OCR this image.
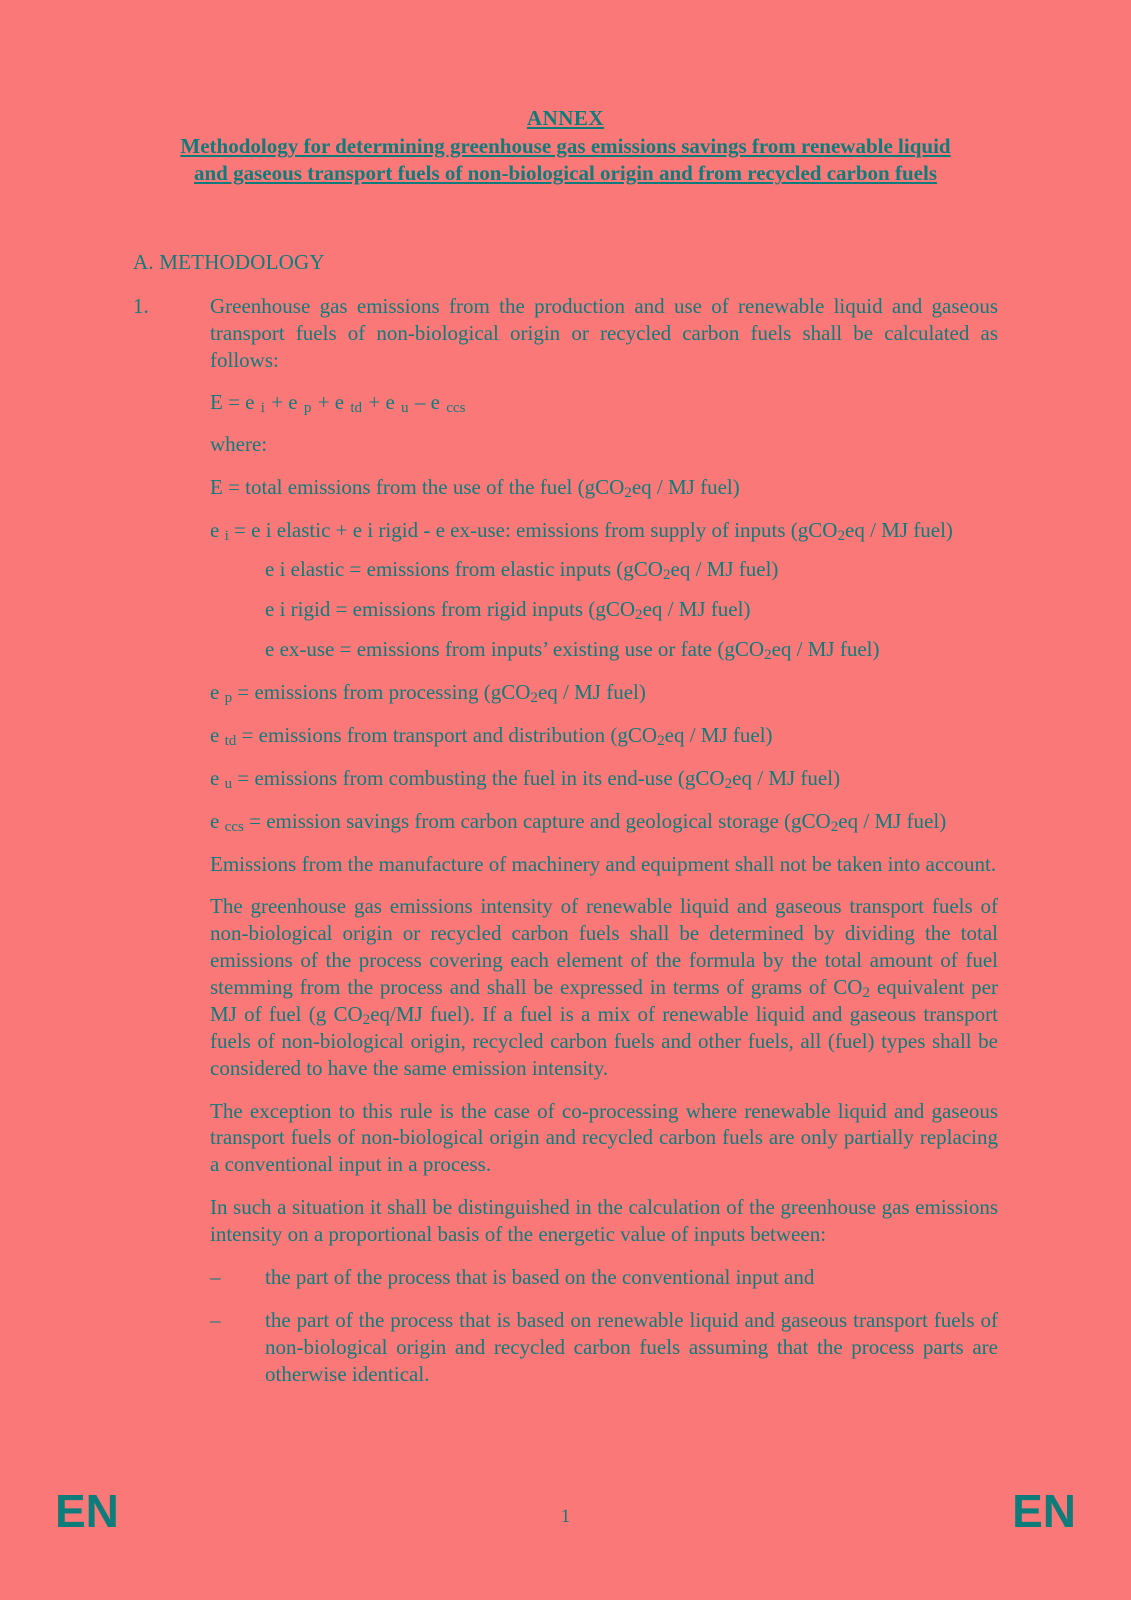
ANNEX
Methodology for determining greenhouse gas emissions savings from renewable liquid
and gaseous transport fuels of non-biological origin and from recycled carbon fuels
A. METHODOLOGY
1.	Greenhouse gas emissions from the production and use of renewable liquid and gaseous transport fuels of non-biological origin or recycled carbon fuels shall be calculated as follows:
E = e $_i$ + e $_p$ + e $_{td}$ + e $_u$ – e $_{ccs}$
where:
E = total emissions from the use of the fuel (gCO$_2$eq / MJ fuel)
e $_i$ = e i elastic + e i rigid - e ex-use: emissions from supply of inputs (gCO$_2$eq / MJ fuel)
e i elastic = emissions from elastic inputs (gCO$_2$eq / MJ fuel)
e i rigid = emissions from rigid inputs (gCO$_2$eq / MJ fuel)
e ex-use = emissions from inputs’ existing use or fate (gCO$_2$eq / MJ fuel)
e $_p$ = emissions from processing (gCO$_2$eq / MJ fuel)
e $_{td}$ = emissions from transport and distribution (gCO$_2$eq / MJ fuel)
e $_u$ = emissions from combusting the fuel in its end-use (gCO$_2$eq / MJ fuel)
e $_{ccs}$ = emission savings from carbon capture and geological storage (gCO$_2$eq / MJ fuel)
Emissions from the manufacture of machinery and equipment shall not be taken into account.
The greenhouse gas emissions intensity of renewable liquid and gaseous transport fuels of non-biological origin or recycled carbon fuels shall be determined by dividing the total emissions of the process covering each element of the formula by the total amount of fuel stemming from the process and shall be expressed in terms of grams of $CO_2$ equivalent per MJ of fuel (g $CO_2eq/MJ$ fuel). If a fuel is a mix of renewable liquid and gaseous transport fuels of non-biological origin, recycled carbon fuels and other fuels, all (fuel) types shall be considered to have the same emission intensity.
The exception to this rule is the case of co-processing where renewable liquid and gaseous transport fuels of non-biological origin and recycled carbon fuels are only partially replacing a conventional input in a process.
In such a situation it shall be distinguished in the calculation of the greenhouse gas emissions intensity on a proportional basis of the energetic value of inputs between:
– the part of the process that is based on the conventional input and
– the part of the process that is based on renewable liquid and gaseous transport fuels of non-biological origin and recycled carbon fuels assuming that the process parts are otherwise identical.
EN	1	EN
